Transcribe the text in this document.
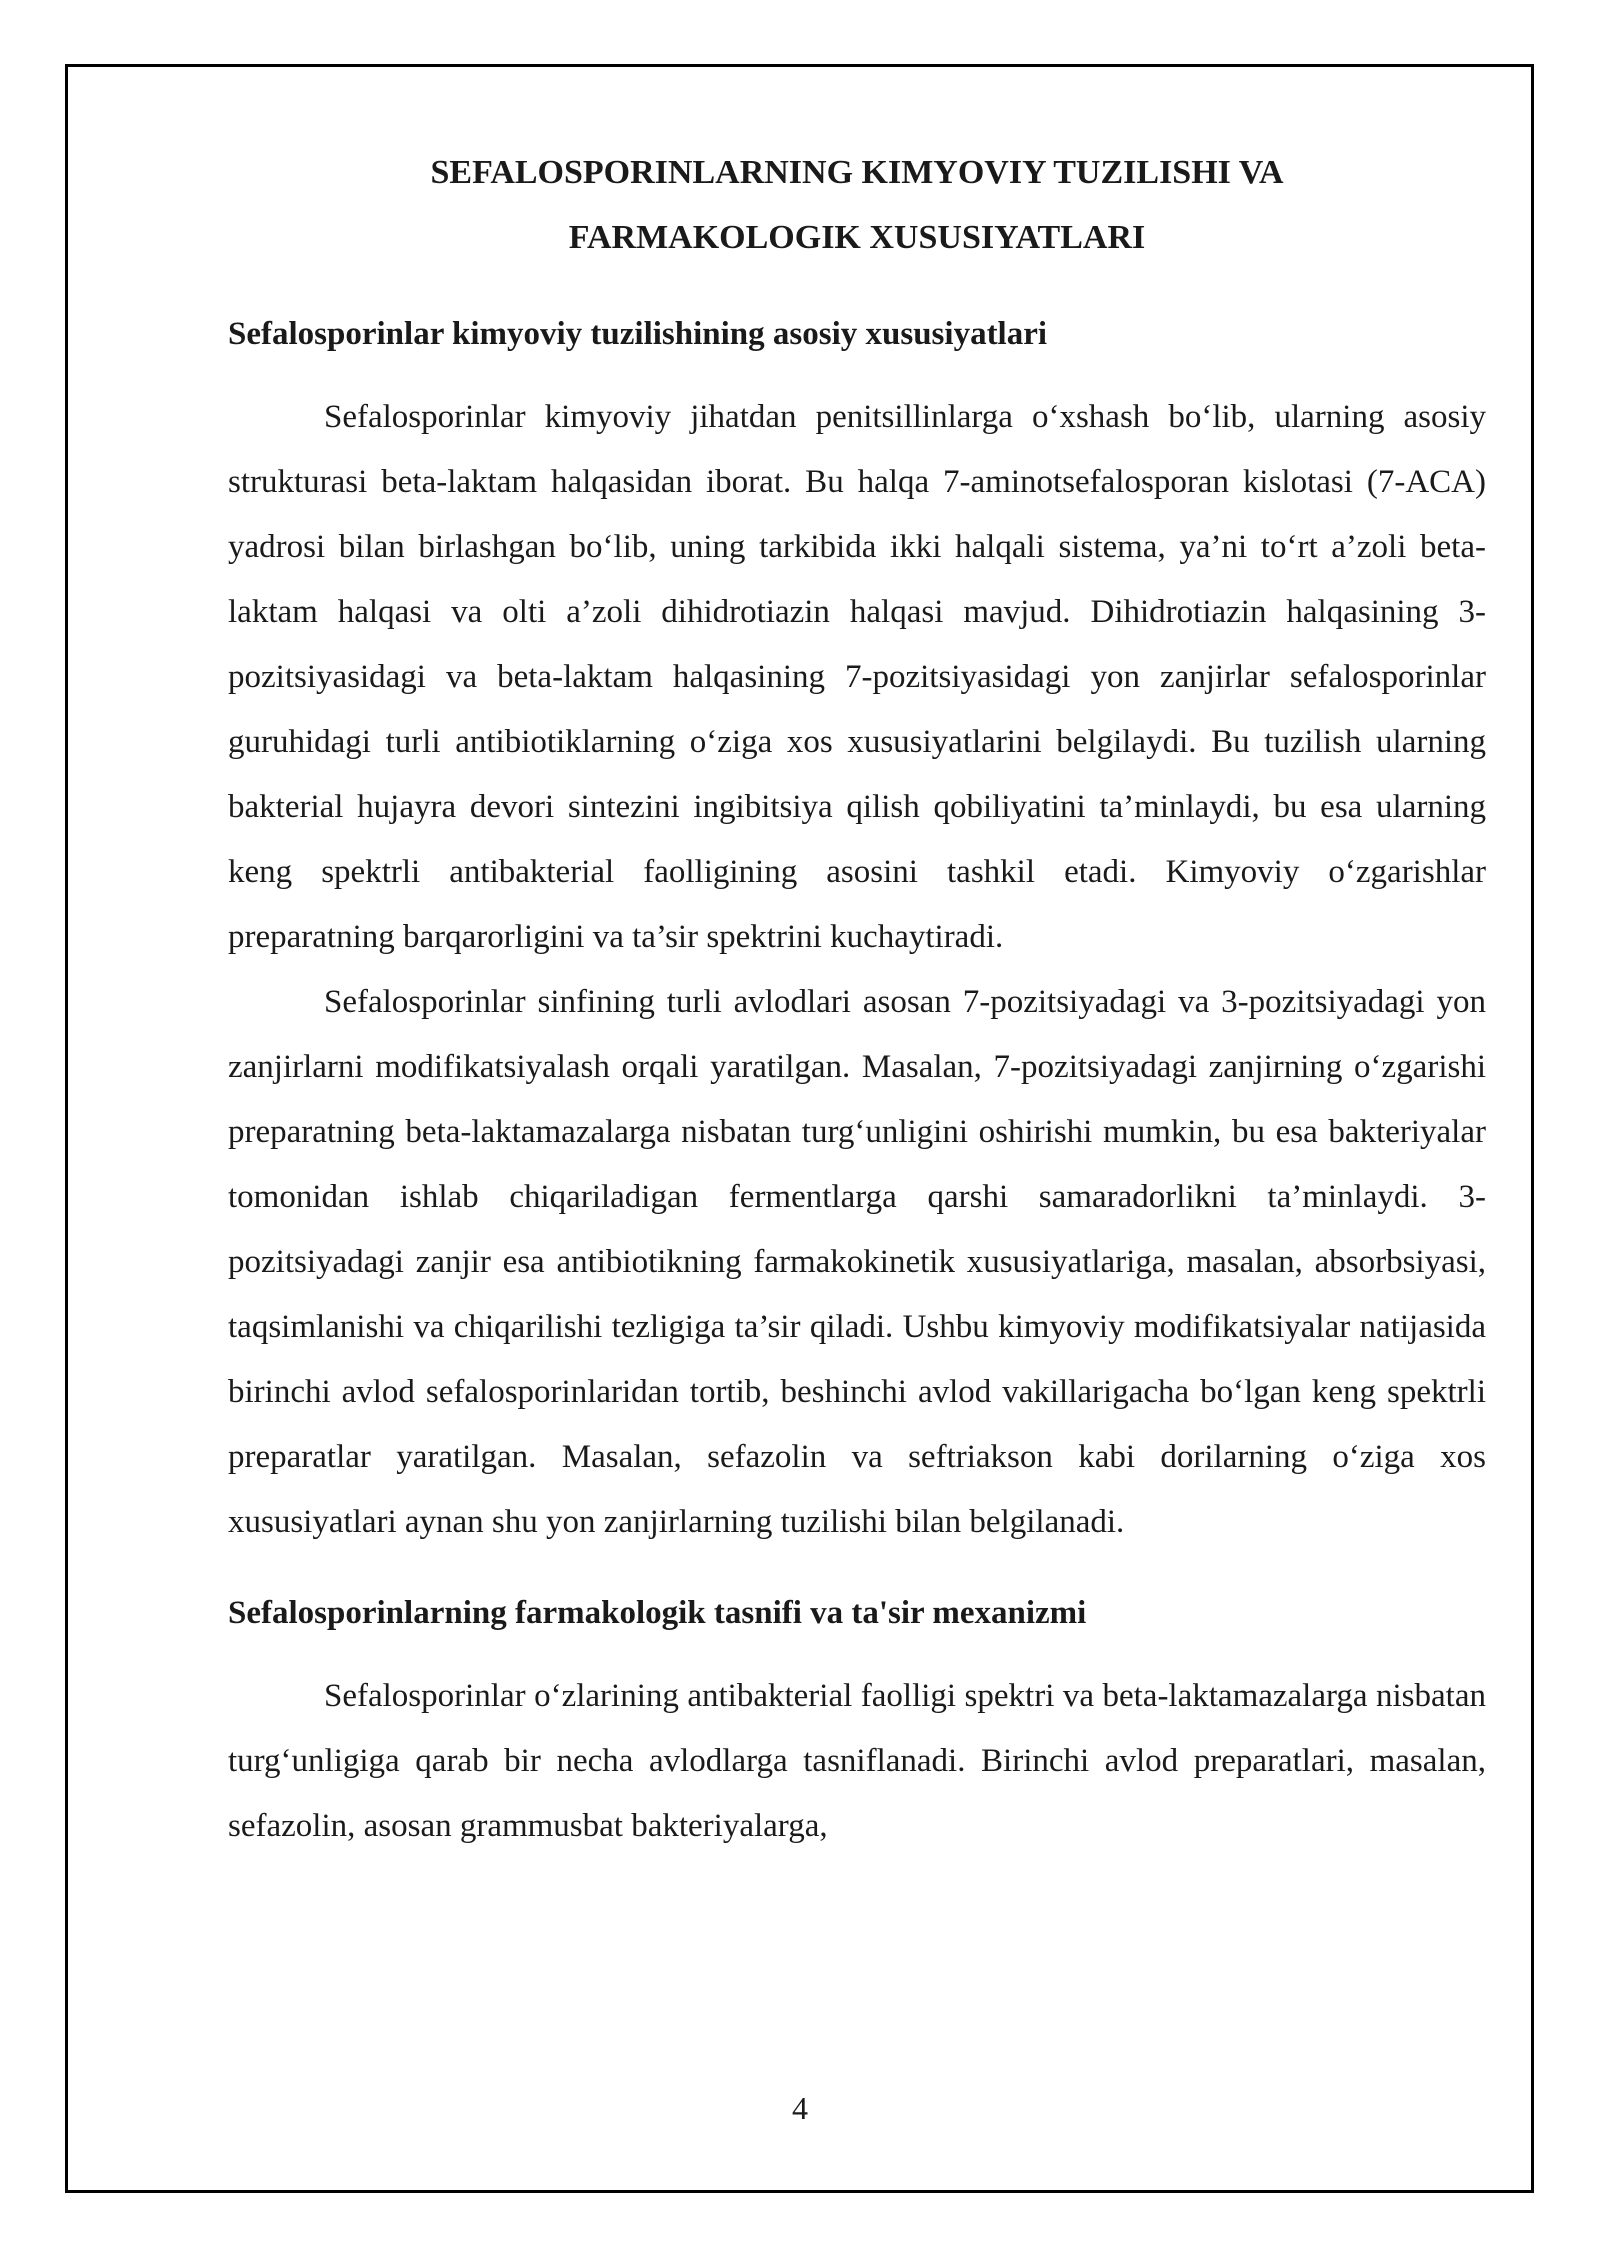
SEFALOSPORINLARNING KIMYOVIY TUZILISHI VA
FARMAKOLOGIK XUSUSIYATLARI
Sefalosporinlar kimyoviy tuzilishining asosiy xususiyatlari

Sefalosporinlar kimyoviy jihatdan penitsillinlarga o‘xshash bo‘lib, ularning asosiy strukturasi beta-laktam halqasidan iborat. Bu halqa 7-aminotsefalosporan kislotasi (7-ACA) yadrosi bilan birlashgan bo‘lib, uning tarkibida ikki halqali sistema, ya’ni to‘rt a’zoli beta-laktam halqasi va olti a’zoli dihidrotiazin halqasi mavjud. Dihidrotiazin halqasining 3-pozitsiyasidagi va beta-laktam halqasining 7-pozitsiyasidagi yon zanjirlar sefalosporinlar guruhidagi turli antibiotiklarning o‘ziga xos xususiyatlarini belgilaydi. Bu tuzilish ularning bakterial hujayra devori sintezini ingibitsiya qilish qobiliyatini ta’minlaydi, bu esa ularning keng spektrli antibakterial faolligining asosini tashkil etadi. Kimyoviy o‘zgarishlar preparatning barqarorligini va ta’sir spektrini kuchaytiradi.

Sefalosporinlar sinfining turli avlodlari asosan 7-pozitsiyadagi va 3-pozitsiyadagi yon zanjirlarni modifikatsiyalash orqali yaratilgan. Masalan, 7-pozitsiyadagi zanjirning o‘zgarishi preparatning beta-laktamazalarga nisbatan turg‘unligini oshirishi mumkin, bu esa bakteriyalar tomonidan ishlab chiqariladigan fermentlarga qarshi samaradorlikni ta’minlaydi. 3-pozitsiyadagi zanjir esa antibiotikning farmakokinetik xususiyatlariga, masalan, absorbsiyasi, taqsimlanishi va chiqarilishi tezligiga ta’sir qiladi. Ushbu kimyoviy modifikatsiyalar natijasida birinchi avlod sefalosporinlaridan tortib, beshinchi avlod vakillarigacha bo‘lgan keng spektrli preparatlar yaratilgan. Masalan, sefazolin va seftriakson kabi dorilarning o‘ziga xos xususiyatlari aynan shu yon zanjirlarning tuzilishi bilan belgilanadi.

Sefalosporinlarning farmakologik tasnifi va ta'sir mexanizmi

Sefalosporinlar o‘zlarining antibakterial faolligi spektri va beta-laktamazalarga nisbatan turg‘unligiga qarab bir necha avlodlarga tasniflanadi. Birinchi avlod preparatlari, masalan, sefazolin, asosan grammusbat bakteriyalarga,

4
